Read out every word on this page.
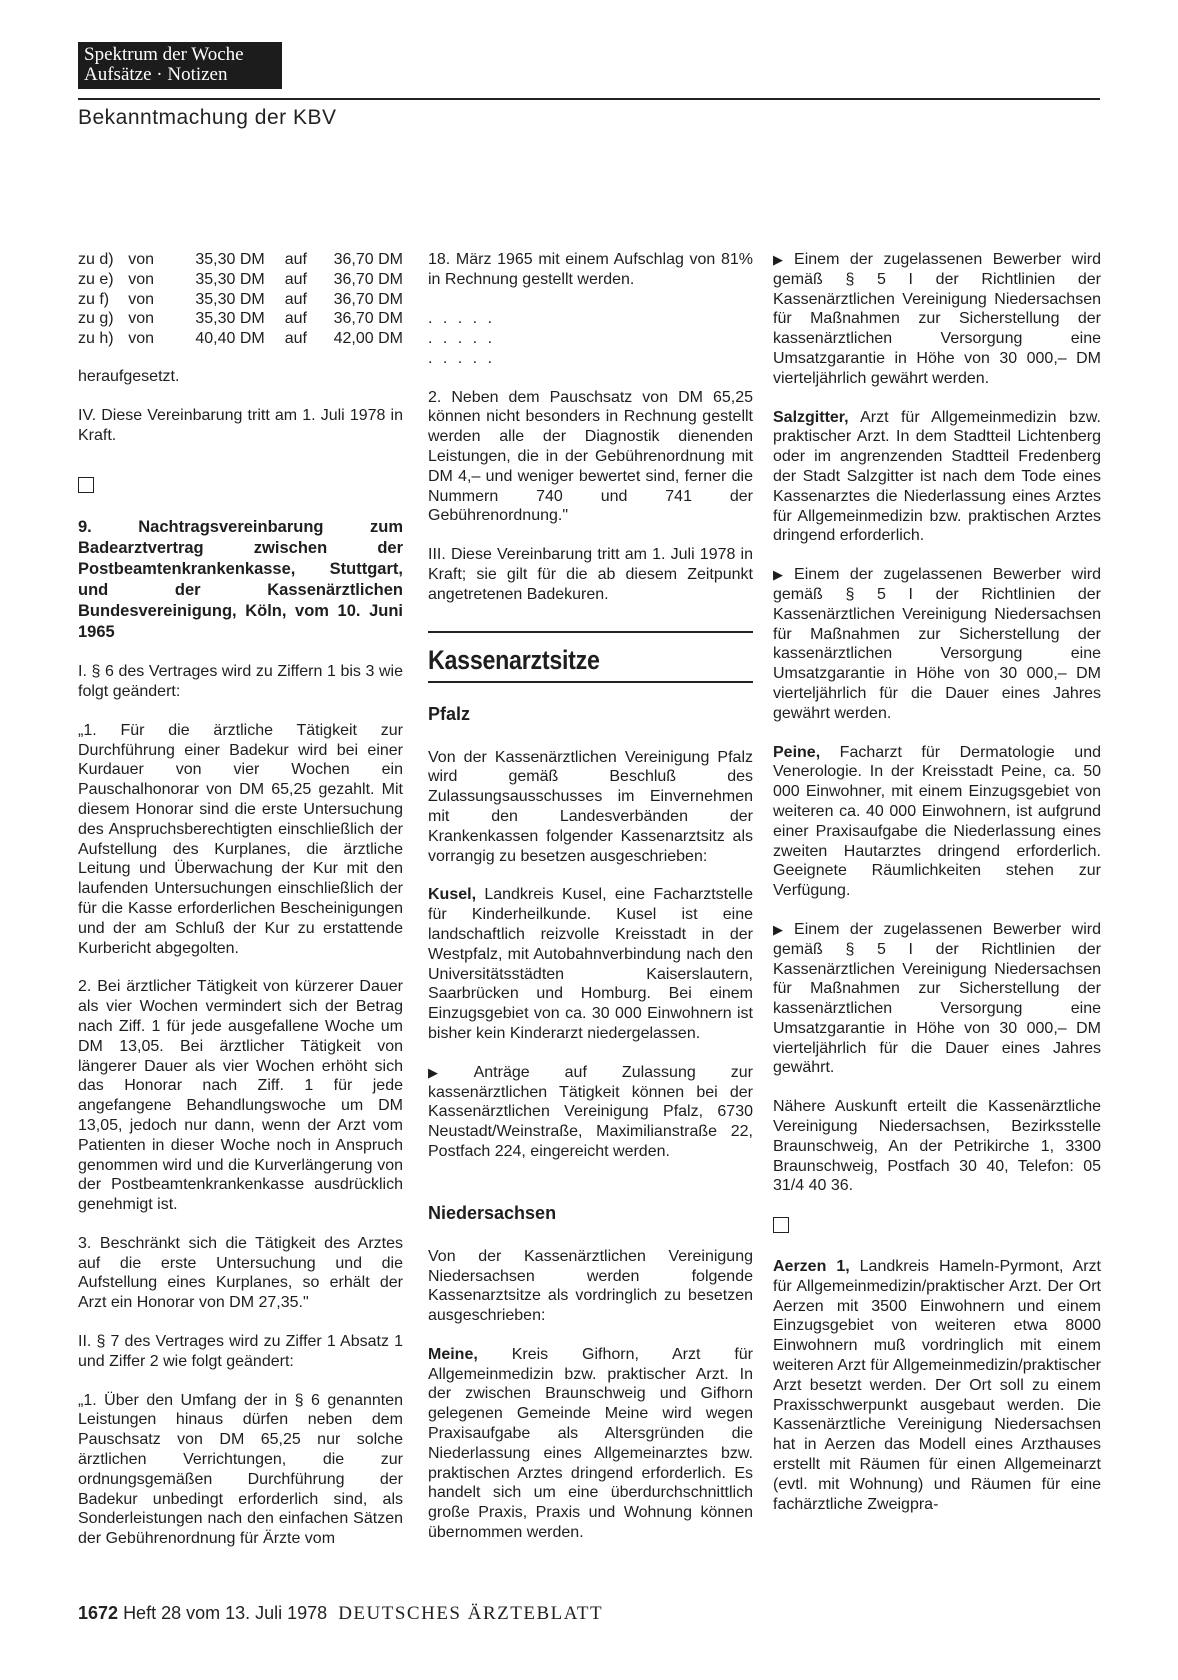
Spektrum der Woche
Aufsätze · Notizen
Bekanntmachung der KBV
zu d)	von	35,30 DM	auf	36,70 DM
zu e)	von	35,30 DM	auf	36,70 DM
zu f)	von	35,30 DM	auf	36,70 DM
zu g)	von	35,30 DM	auf	36,70 DM
zu h)	von	40,40 DM	auf	42,00 DM

heraufgesetzt.

IV. Diese Vereinbarung tritt am 1. Juli 1978 in Kraft.

9. Nachtragsvereinbarung zum Badearztvertrag zwischen der Postbeamtenkrankenkasse, Stuttgart, und der Kassenärztlichen Bundesvereinigung, Köln, vom 10. Juni 1965

I. § 6 des Vertrages wird zu Ziffern 1 bis 3 wie folgt geändert:

„1. Für die ärztliche Tätigkeit zur Durchführung einer Badekur wird bei einer Kurdauer von vier Wochen ein Pauschalhonorar von DM 65,25 gezahlt. Mit diesem Honorar sind die erste Untersuchung des Anspruchsberechtigten einschließlich der Aufstellung des Kurplanes, die ärztliche Leitung und Überwachung der Kur mit den laufenden Untersuchungen einschließlich der für die Kasse erforderlichen Bescheinigungen und der am Schluß der Kur zu erstattende Kurbericht abgegolten.

2. Bei ärztlicher Tätigkeit von kürzerer Dauer als vier Wochen vermindert sich der Betrag nach Ziff. 1 für jede ausgefallene Woche um DM 13,05. Bei ärztlicher Tätigkeit von längerer Dauer als vier Wochen erhöht sich das Honorar nach Ziff. 1 für jede angefangene Behandlungswoche um DM 13,05, jedoch nur dann, wenn der Arzt vom Patienten in dieser Woche noch in Anspruch genommen wird und die Kurverlängerung von der Postbeamtenkrankenkasse ausdrücklich genehmigt ist.

3. Beschränkt sich die Tätigkeit des Arztes auf die erste Untersuchung und die Aufstellung eines Kurplanes, so erhält der Arzt ein Honorar von DM 27,35."

II. § 7 des Vertrages wird zu Ziffer 1 Absatz 1 und Ziffer 2 wie folgt geändert:

„1. Über den Umfang der in § 6 genannten Leistungen hinaus dürfen neben dem Pauschsatz von DM 65,25 nur solche ärztlichen Verrichtungen, die zur ordnungsgemäßen Durchführung der Badekur unbedingt erforderlich sind, als Sonderleistungen nach den einfachen Sätzen der Gebührenordnung für Ärzte vom

18. März 1965 mit einem Aufschlag von 81% in Rechnung gestellt werden.

. . . . .

. . . . .

. . . . .

2. Neben dem Pauschsatz von DM 65,25 können nicht besonders in Rechnung gestellt werden alle der Diagnostik dienenden Leistungen, die in der Gebührenordnung mit DM 4,– und weniger bewertet sind, ferner die Nummern 740 und 741 der Gebührenordnung."

III. Diese Vereinbarung tritt am 1. Juli 1978 in Kraft; sie gilt für die ab diesem Zeitpunkt angetretenen Badekuren.

Kassenarztsitze
Pfalz

Von der Kassenärztlichen Vereinigung Pfalz wird gemäß Beschluß des Zulassungsausschusses im Einvernehmen mit den Landesverbänden der Krankenkassen folgender Kassenarztsitz als vorrangig zu besetzen ausgeschrieben:

Kusel, Landkreis Kusel, eine Facharztstelle für Kinderheilkunde. Kusel ist eine landschaftlich reizvolle Kreisstadt in der Westpfalz, mit Autobahnverbindung nach den Universitätsstädten Kaiserslautern, Saarbrücken und Homburg. Bei einem Einzugsgebiet von ca. 30 000 Einwohnern ist bisher kein Kinderarzt niedergelassen.

▶ Anträge auf Zulassung zur kassenärztlichen Tätigkeit können bei der Kassenärztlichen Vereinigung Pfalz, 6730 Neustadt/Weinstraße, Maximilianstraße 22, Postfach 224, eingereicht werden.

Niedersachsen

Von der Kassenärztlichen Vereinigung Niedersachsen werden folgende Kassenarztsitze als vordringlich zu besetzen ausgeschrieben:

Meine, Kreis Gifhorn, Arzt für Allgemeinmedizin bzw. praktischer Arzt. In der zwischen Braunschweig und Gifhorn gelegenen Gemeinde Meine wird wegen Praxisaufgabe als Altersgründen die Niederlassung eines Allgemeinarztes bzw. praktischen Arztes dringend erforderlich. Es handelt sich um eine überdurchschnittlich große Praxis, Praxis und Wohnung können übernommen werden.

▶ Einem der zugelassenen Bewerber wird gemäß § 5 I der Richtlinien der Kassenärztlichen Vereinigung Niedersachsen für Maßnahmen zur Sicherstellung der kassenärztlichen Versorgung eine Umsatzgarantie in Höhe von 30 000,– DM vierteljährlich gewährt werden.

Salzgitter, Arzt für Allgemeinmedizin bzw. praktischer Arzt. In dem Stadtteil Lichtenberg oder im angrenzenden Stadtteil Fredenberg der Stadt Salzgitter ist nach dem Tode eines Kassenarztes die Niederlassung eines Arztes für Allgemeinmedizin bzw. praktischen Arztes dringend erforderlich.

▶ Einem der zugelassenen Bewerber wird gemäß § 5 I der Richtlinien der Kassenärztlichen Vereinigung Niedersachsen für Maßnahmen zur Sicherstellung der kassenärztlichen Versorgung eine Umsatzgarantie in Höhe von 30 000,– DM vierteljährlich für die Dauer eines Jahres gewährt werden.

Peine, Facharzt für Dermatologie und Venerologie. In der Kreisstadt Peine, ca. 50 000 Einwohner, mit einem Einzugsgebiet von weiteren ca. 40 000 Einwohnern, ist aufgrund einer Praxisaufgabe die Niederlassung eines zweiten Hautarztes dringend erforderlich. Geeignete Räumlichkeiten stehen zur Verfügung.

▶ Einem der zugelassenen Bewerber wird gemäß § 5 I der Richtlinien der Kassenärztlichen Vereinigung Niedersachsen für Maßnahmen zur Sicherstellung der kassenärztlichen Versorgung eine Umsatzgarantie in Höhe von 30 000,– DM vierteljährlich für die Dauer eines Jahres gewährt.

Nähere Auskunft erteilt die Kassenärztliche Vereinigung Niedersachsen, Bezirksstelle Braunschweig, An der Petrikirche 1, 3300 Braunschweig, Postfach 30 40, Telefon: 05 31/4 40 36.

Aerzen 1, Landkreis Hameln-Pyrmont, Arzt für Allgemeinmedizin/praktischer Arzt. Der Ort Aerzen mit 3500 Einwohnern und einem Einzugsgebiet von weiteren etwa 8000 Einwohnern muß vordringlich mit einem weiteren Arzt für Allgemeinmedizin/praktischer Arzt besetzt werden. Der Ort soll zu einem Praxisschwerpunkt ausgebaut werden. Die Kassenärztliche Vereinigung Niedersachsen hat in Aerzen das Modell eines Arzthauses erstellt mit Räumen für einen Allgemeinarzt (evtl. mit Wohnung) und Räumen für eine fachärztliche Zweigpra-

1672 Heft 28 vom 13. Juli 1978 DEUTSCHES ÄRZTEBLATT
